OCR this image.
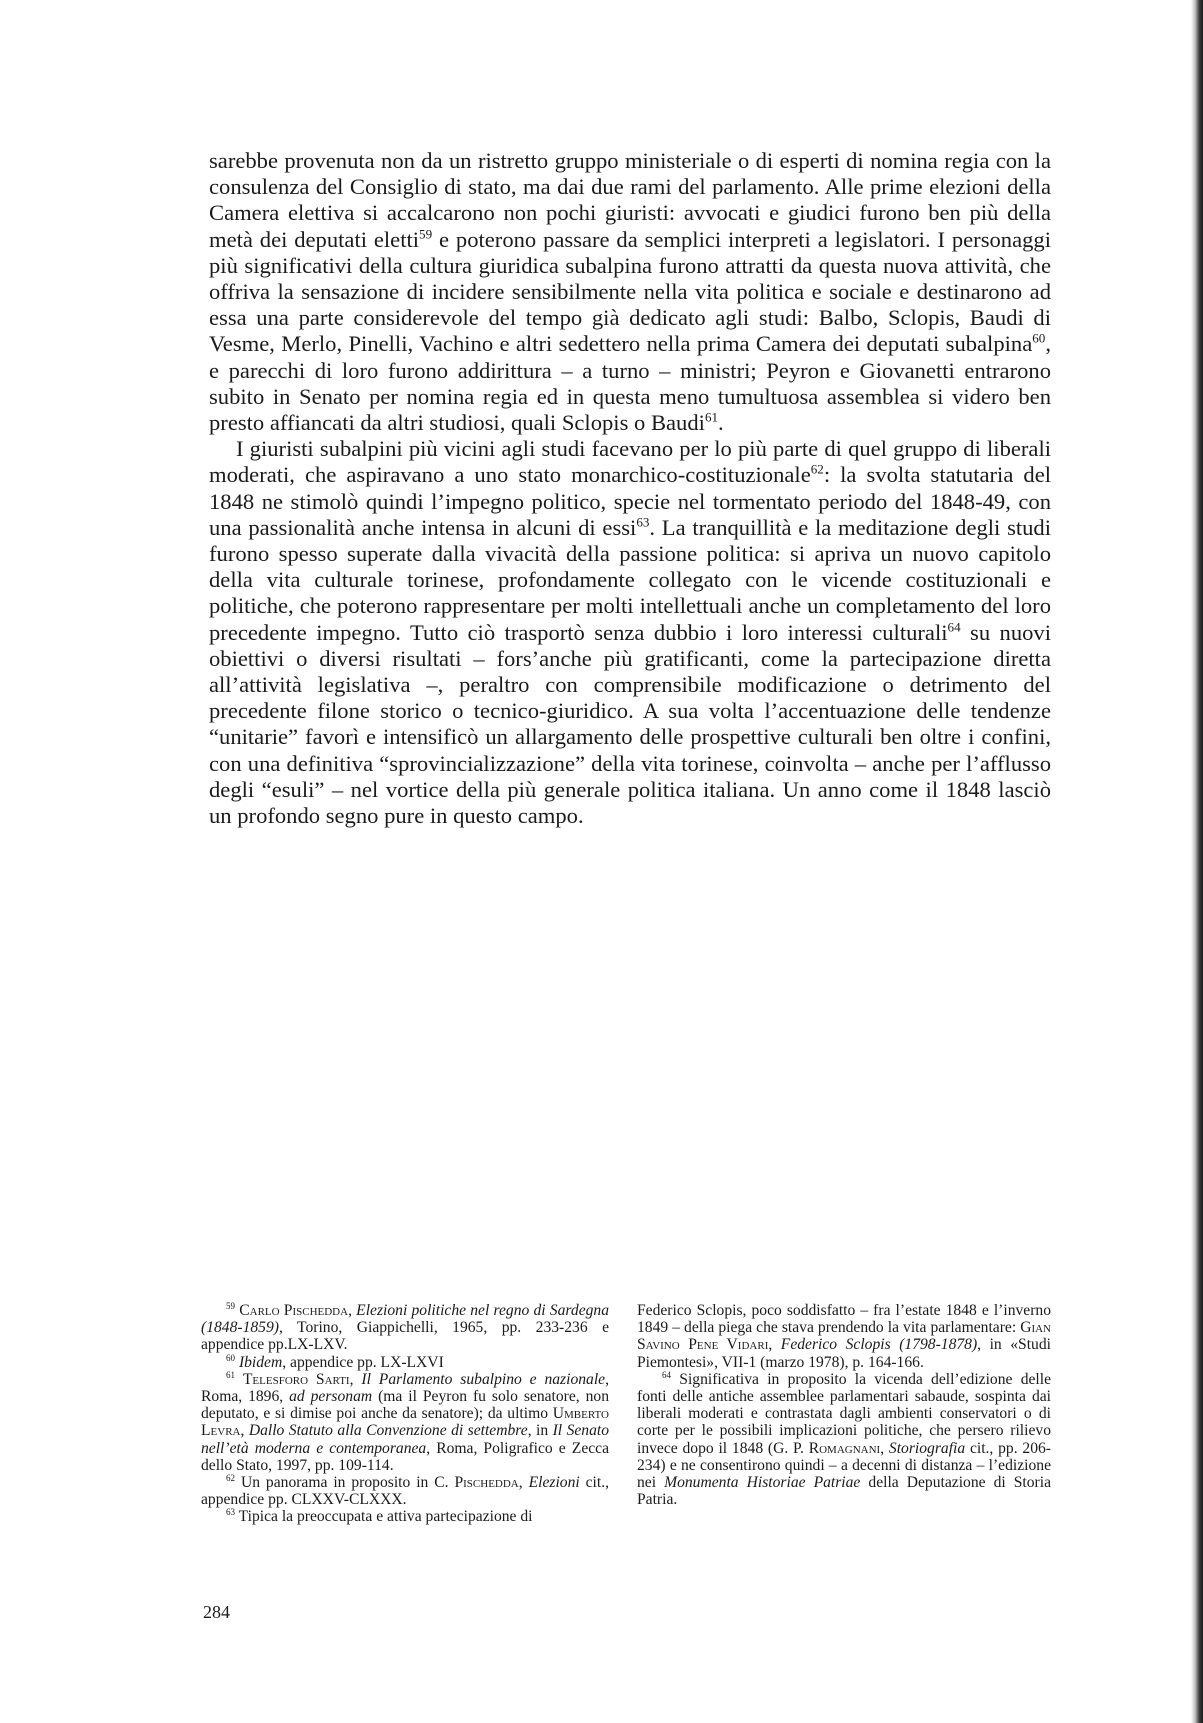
sarebbe provenuta non da un ristretto gruppo ministeriale o di esperti di nomina regia con la consulenza del Consiglio di stato, ma dai due rami del parlamento. Alle prime elezioni della Camera elettiva si accalcarono non pochi giuristi: avvocati e giudici furono ben più della metà dei deputati eletti$^{59}$ e poterono passare da semplici interpreti a legislatori. I personaggi più significativi della cultura giuridica subalpina furono attratti da questa nuova attività, che offriva la sensazione di incidere sensibilmente nella vita politica e sociale e destinarono ad essa una parte considerevole del tempo già dedicato agli studi: Balbo, Sclopis, Baudi di Vesme, Merlo, Pinelli, Vachino e altri sedettero nella prima Camera dei deputati subalpina$^{60}$, e parecchi di loro furono addirittura – a turno – ministri; Peyron e Giovanetti entrarono subito in Senato per nomina regia ed in questa meno tumultuosa assemblea si videro ben presto affiancati da altri studiosi, quali Sclopis o Baudi$^{61}$.

I giuristi subalpini più vicini agli studi facevano per lo più parte di quel gruppo di liberali moderati, che aspiravano a uno stato monarchico-costituzionale$^{62}$: la svolta statutaria del 1848 ne stimolò quindi l’impegno politico, specie nel tormentato periodo del 1848-49, con una passionalità anche intensa in alcuni di essi$^{63}$. La tranquillità e la meditazione degli studi furono spesso superate dalla vivacità della passione politica: si apriva un nuovo capitolo della vita culturale torinese, profondamente collegato con le vicende costituzionali e politiche, che poterono rappresentare per molti intellettuali anche un completamento del loro precedente impegno. Tutto ciò trasportò senza dubbio i loro interessi culturali$^{64}$ su nuovi obiettivi o diversi risultati – fors’anche più gratificanti, come la partecipazione diretta all’attività legislativa –, peraltro con comprensibile modificazione o detrimento del precedente filone storico o tecnico-giuridico. A sua volta l’accentuazione delle tendenze “unitarie” favorì e intensificò un allargamento delle prospettive culturali ben oltre i confini, con una definitiva “sprovincializzazione” della vita torinese, coinvolta – anche per l’afflusso degli “esuli” – nel vortice della più generale politica italiana. Un anno come il 1848 lasciò un profondo segno pure in questo campo.

$^{59}$ Carlo Pischedda, Elezioni politiche nel regno di Sardegna (1848-1859), Torino, Giappichelli, 1965, pp. 233-236 e appendice pp.LX-LXV.

$^{60}$ Ibidem, appendice pp. LX-LXVI

$^{61}$ Telesforo Sarti, Il Parlamento subalpino e nazionale, Roma, 1896, ad personam (ma il Peyron fu solo senatore, non deputato, e si dimise poi anche da senatore); da ultimo Umberto Levra, Dallo Statuto alla Convenzione di settembre, in Il Senato nell’età moderna e contemporanea, Roma, Poligrafico e Zecca dello Stato, 1997, pp. 109-114.

$^{62}$ Un panorama in proposito in C. Pischedda, Elezioni cit., appendice pp. CLXXV-CLXXX.

$^{63}$ Tipica la preoccupata e attiva partecipazione di

Federico Sclopis, poco soddisfatto – fra l’estate 1848 e l’inverno 1849 – della piega che stava prendendo la vita parlamentare: Gian Savino Pene Vidari, Federico Sclopis (1798-1878), in «Studi Piemontesi», VII-1 (marzo 1978), p. 164-166.

$^{64}$ Significativa in proposito la vicenda dell’edizione delle fonti delle antiche assemblee parlamentari sabaude, sospinta dai liberali moderati e contrastata dagli ambienti conservatori o di corte per le possibili implicazioni politiche, che persero rilievo invece dopo il 1848 (G. P. Romagnani, Storiografia cit., pp. 206-234) e ne consentirono quindi – a decenni di distanza – l’edizione nei Monumenta Historiae Patriae della Deputazione di Storia Patria.

284
